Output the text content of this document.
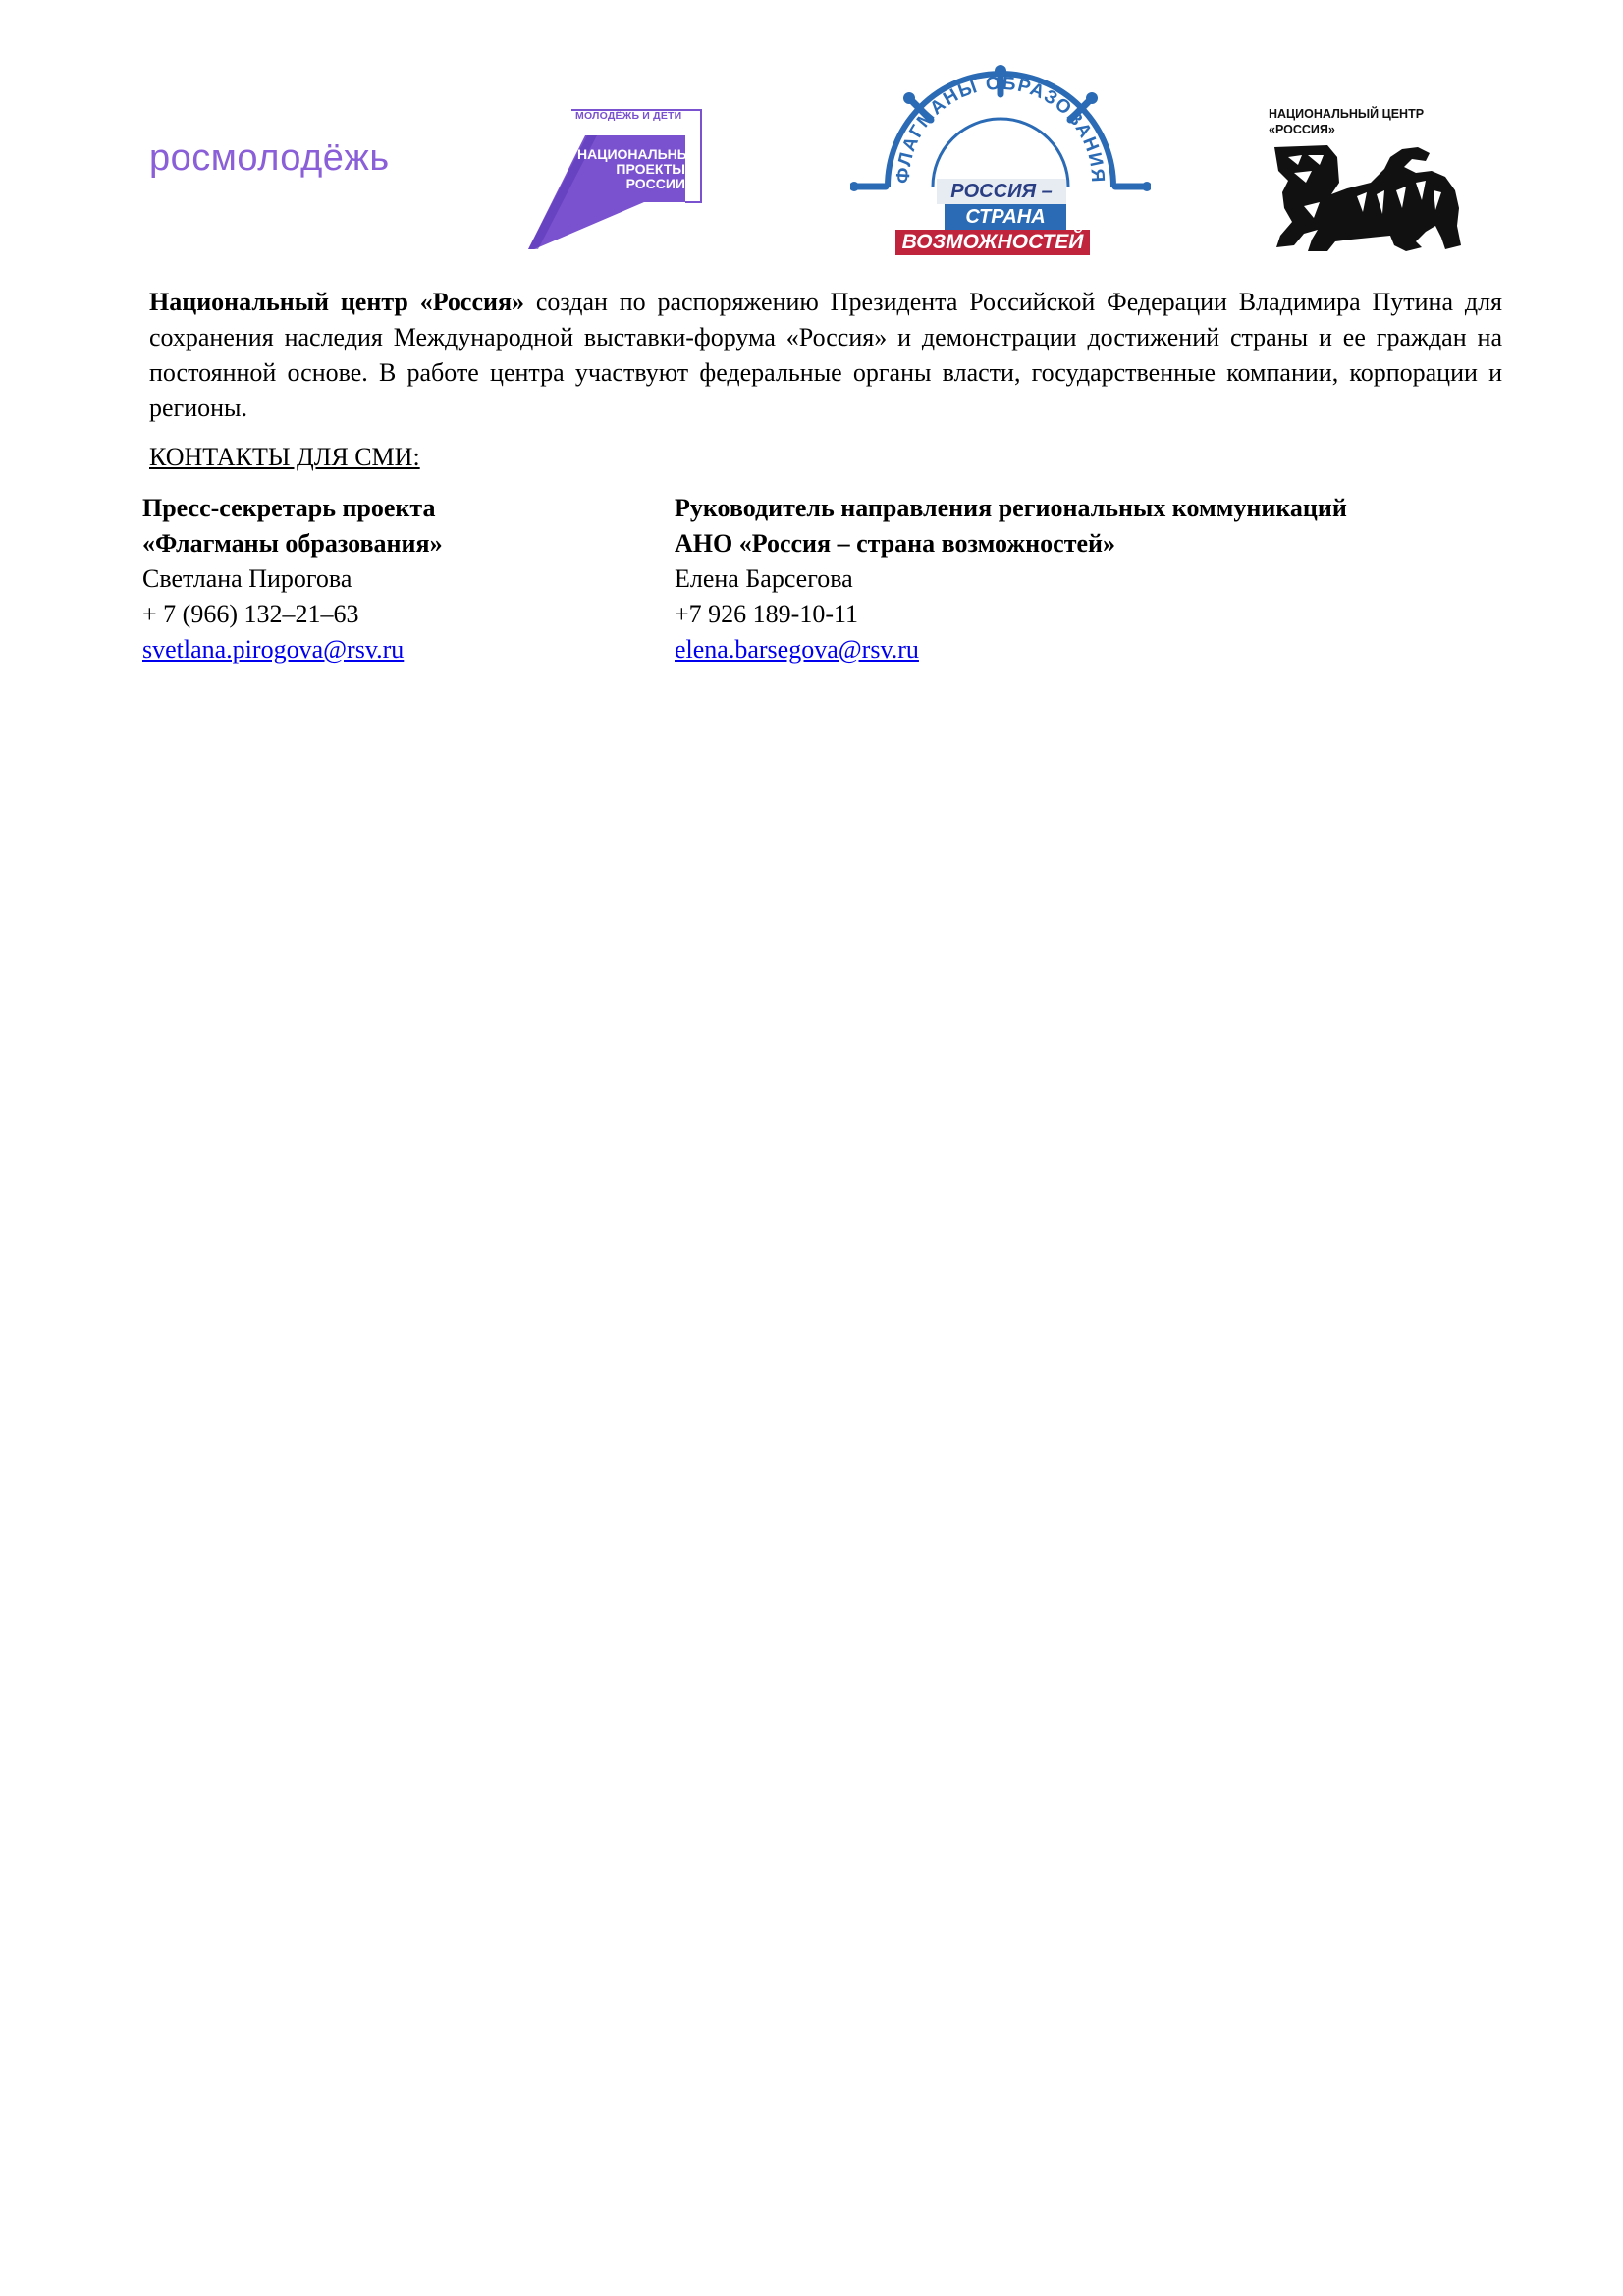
росмолодёжь
МОЛОДЁЖЬ И ДЕТИ
НАЦИОНАЛЬНЫЕ
ПРОЕКТЫ
РОССИИ	ФЛАГМАНЫ ОБРАЗОВАНИЯ
РОССИЯ –
СТРАНА
ВОЗМОЖНОСТЕЙ
НАЦИОНАЛЬНЫЙ ЦЕНТР
«РОССИЯ»
Национальный центр «Россия» создан по распоряжению Президента Российской Федерации Владимира Путина для сохранения наследия Международной выставки-форума «Россия» и демонстрации достижений страны и ее граждан на постоянной основе. В работе центра участвуют федеральные органы власти, государственные компании, корпорации и регионы.
КОНТАКТЫ ДЛЯ СМИ:
Пресс-секретарь проекта
«Флагманы образования»
Светлана Пирогова
+ 7 (966) 132–21–63
svetlana.pirogova@rsv.ru
Руководитель направления региональных коммуникаций
АНО «Россия – страна возможностей»
Елена Барсегова
+7 926 189-10-11
elena.barsegova@rsv.ru
